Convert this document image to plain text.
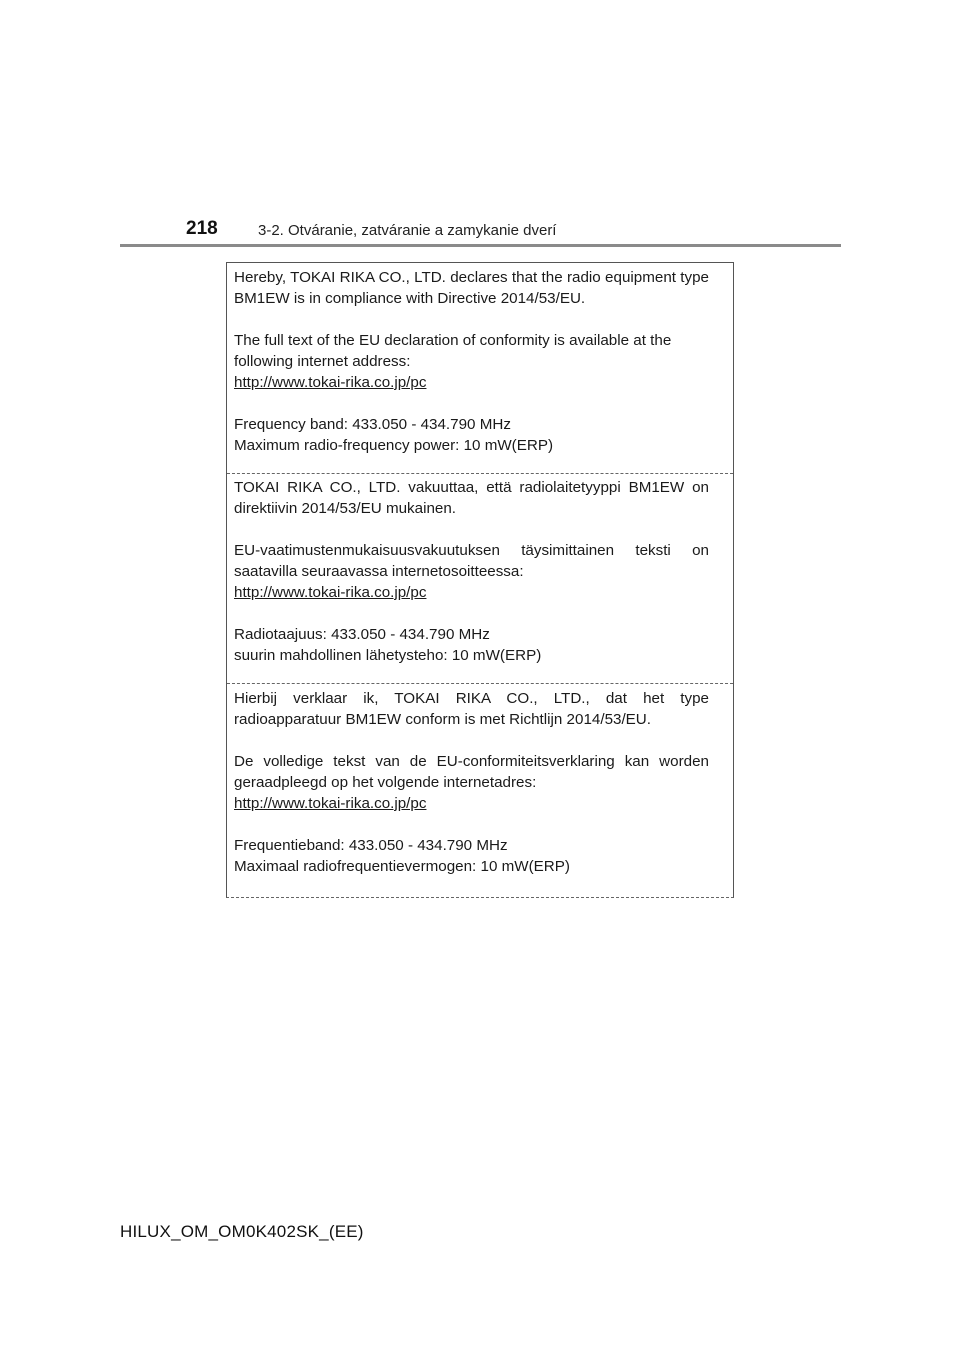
218	3-2. Otváranie, zatváranie a zamykanie dverí

Hereby, TOKAI RIKA CO., LTD. declares that the radio equipment type

BM1EW is in compliance with Directive 2014/53/EU.

The full text of the EU declaration of conformity is available at the

following internet address:

http://www.tokai-rika.co.jp/pc

Frequency band: 433.050 - 434.790 MHz

Maximum radio-frequency power: 10 mW(ERP)

TOKAI RIKA CO., LTD. vakuuttaa, että radiolaitetyyppi BM1EW on

direktiivin 2014/53/EU mukainen.

EU-vaatimustenmukaisuusvakuutuksen täysimittainen teksti on

saatavilla seuraavassa internetosoitteessa:

http://www.tokai-rika.co.jp/pc

Radiotaajuus: 433.050 - 434.790 MHz

suurin mahdollinen lähetysteho: 10 mW(ERP)

Hierbij verklaar ik, TOKAI RIKA CO., LTD., dat het type

radioapparatuur BM1EW conform is met Richtlijn 2014/53/EU.

De volledige tekst van de EU-conformiteitsverklaring kan worden

geraadpleegd op het volgende internetadres:

http://www.tokai-rika.co.jp/pc

Frequentieband: 433.050 - 434.790 MHz

Maximaal radiofrequentievermogen: 10 mW(ERP)

HILUX_OM_OM0K402SK_(EE)
